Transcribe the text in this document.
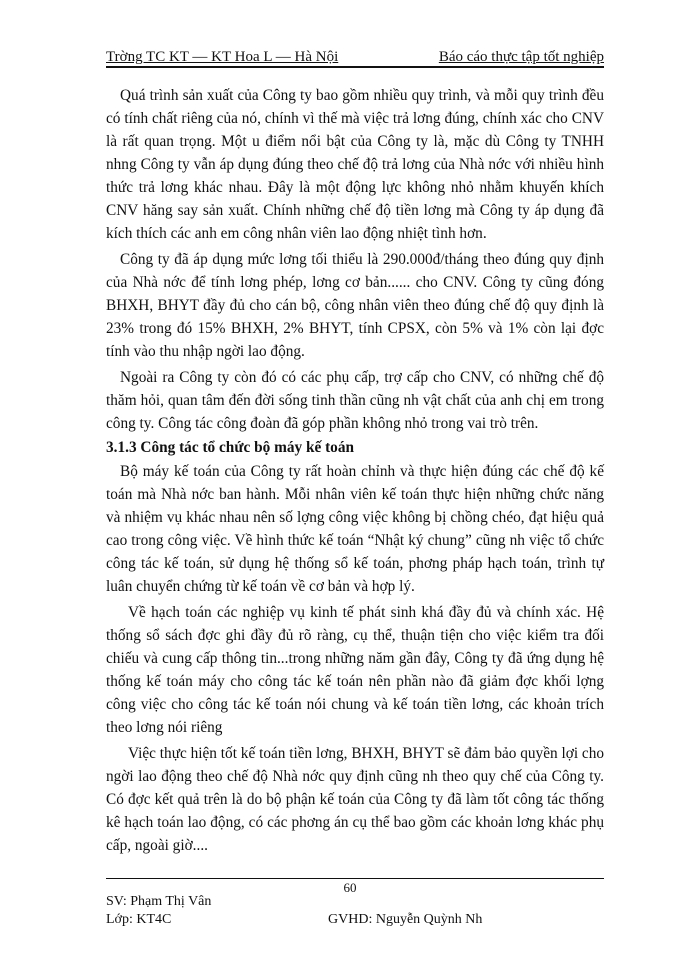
Trờng TC KT — KT Hoa L — Hà Nội	Báo cáo thực tập tốt nghiệp

Quá trình sản xuất của Công ty bao gồm nhiều quy trình, và mỗi quy trình đều có tính chất riêng của nó, chính vì thế mà việc trả lơng đúng, chính xác cho CNV là rất quan trọng. Một u điểm nổi bật của Công ty là, mặc dù Công ty TNHH nhng Công ty vẫn áp dụng đúng theo chế độ trả lơng của Nhà nớc với nhiều hình thức trả lơng khác nhau. Đây là một động lực không nhỏ nhằm khuyến khích CNV hăng say sản xuất. Chính những chế độ tiền lơng mà Công ty áp dụng đã kích thích các anh em công nhân viên lao động nhiệt tình hơn.

Công ty đã áp dụng mức lơng tối thiểu là 290.000đ/tháng theo đúng quy định của Nhà nớc để tính lơng phép, lơng cơ bản...... cho CNV. Công ty cũng đóng BHXH, BHYT đầy đủ cho cán bộ, công nhân viên theo đúng chế độ quy định là 23% trong đó 15% BHXH, 2% BHYT, tính CPSX, còn 5% và 1% còn lại đợc tính vào thu nhập ngời lao động.

Ngoài ra Công ty còn đó có các phụ cấp, trợ cấp cho CNV, có những chế độ thăm hỏi, quan tâm đến đời sống tinh thần cũng nh vật chất của anh chị em trong công ty. Công tác công đoàn đã góp phần không nhỏ trong vai trò trên.

3.1.3 Công tác tổ chức bộ máy kế toán

Bộ máy kế toán của Công ty rất hoàn chỉnh và thực hiện đúng các chế độ kế toán mà Nhà nớc ban hành. Mỗi nhân viên kế toán thực hiện những chức năng và nhiệm vụ khác nhau nên số lợng công việc không bị chồng chéo, đạt hiệu quả cao trong công việc. Về hình thức kế toán “Nhật ký chung” cũng nh việc tổ chức công tác kế toán, sử dụng hệ thống sổ kế toán, phơng pháp hạch toán, trình tự luân chuyển chứng từ kế toán về cơ bản và hợp lý.

Về hạch toán các nghiệp vụ kinh tế phát sinh khá đầy đủ và chính xác. Hệ thống sổ sách đợc ghi đầy đủ rõ ràng, cụ thể, thuận tiện cho việc kiểm tra đối chiếu và cung cấp thông tin...trong những năm gần đây, Công ty đã ứng dụng hệ thống kế toán máy cho công tác kế toán nên phần nào đã giảm đợc khối lợng công việc cho công tác kế toán nói chung và kế toán tiền lơng, các khoản trích theo lơng nói riêng

Việc thực hiện tốt kế toán tiền lơng, BHXH, BHYT sẽ đảm bảo quyền lợi cho ngời lao động theo chế độ Nhà nớc quy định cũng nh theo quy chế của Công ty. Có đợc kết quả trên là do bộ phận kế toán của Công ty đã làm tốt công tác thống kê hạch toán lao động, có các phơng án cụ thể bao gồm các khoản lơng khác phụ cấp, ngoài giờ....

60
SV: Phạm Thị Vân
Lớp: KT4C	GVHD: Nguyễn Quỳnh Nh
